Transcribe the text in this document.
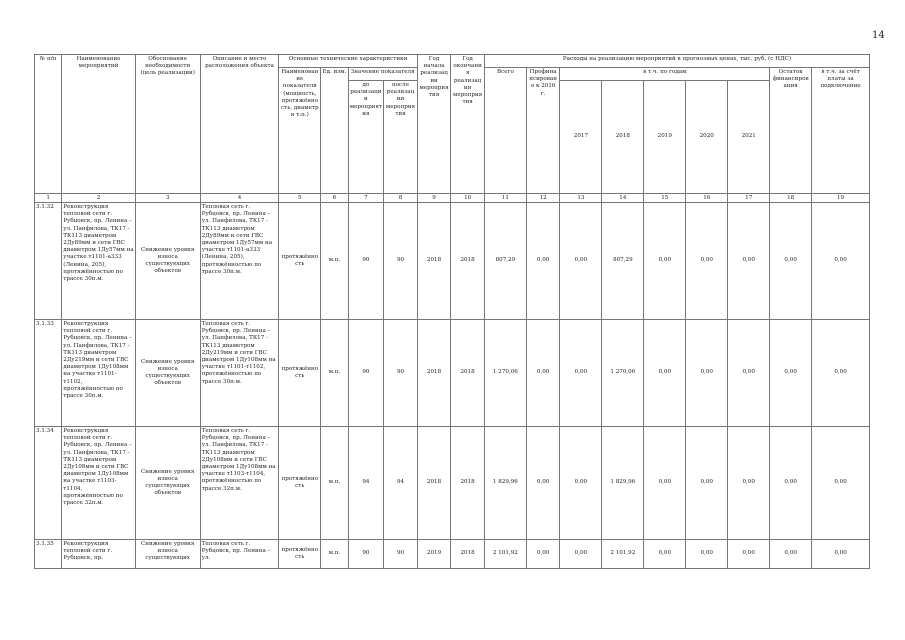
14
№ п/п	Наименование мероприятий	Обоснование необходимости (цель реализации)	Описание и место расположения объекта	Основные технические характеристики				Год начала реализации мероприятия	Год окончания реализации мероприятия	Расходы на реализацию мероприятий в прогнозных ценах, тыс. руб. (с НДС)								
				Наименование показателя (мощность, протяжённость, диаметр и т.п.)	Ед. изм.	Значение показателя				Всего	Профинансировано к 2016 г.	в т.ч. по годам					Остаток финансирования	в т.ч. за счёт платы за подключение
						до реализации мероприятия	после реализации мероприятия					2017	2018	2019	2020	2021		
1	2	3	4	5	6	7	8	9	10	11	12	13	14	15	16	17	18	19
3.1.32	Реконструкция тепловой сети г. Рубцовск, пр. Ленина – ул. Панфилова, ТК17 - ТК113 диаметром 2Ду89мм и сети ГВС диаметром 1Ду57мм на участке т1101-а333 (Ленина, 205), протяжённостью по трассе 30п.м.	Снижение уровня износа существующих объектов	Тепловая сеть г. Рубцовск, пр. Ленина – ул. Панфилова, ТК17 - ТК113 диаметром 2Ду89мм и сети ГВС диаметром 1Ду57мм на участке т1101-а333 (Ленина, 205), протяжённостью по трассе 30п.м.	протяжённость	м.п.	90	90	2018	2018	807,29	0,00	0,00	807,29	0,00	0,00	0,00	0,00	0,00
3.1.33	Реконструкция тепловой сети г. Рубцовск, пр. Ленина – ул. Панфилова, ТК17 - ТК113 диаметром 2Ду219мм и сети ГВС диаметром 1Ду108мм на участке т1101-т1102, протяжённостью по трассе 30п.м.	Снижение уровня износа существующих объектов	Тепловая сеть г. Рубцовск, пр. Ленина – ул. Панфилова, ТК17 - ТК113 диаметром 2Ду219мм и сети ГВС диаметром 1Ду108мм на участке т1101-т1102, протяжённостью по трассе 30п.м.	протяжённость	м.п.	90	90	2018	2018	1 270,06	0,00	0,00	1 270,06	0,00	0,00	0,00	0,00	0,00
3.1.34	Реконструкция тепловой сети г. Рубцовск, пр. Ленина – ул. Панфилова, ТК17 - ТК113 диаметром 2Ду108мм и сети ГВС диаметром 1Ду108мм на участке т1103-т1104, протяжённостью по трассе 32п.м.	Снижение уровня износа существующих объектов	Тепловая сеть г. Рубцовск, пр. Ленина – ул. Панфилова, ТК17 - ТК113 диаметром 2Ду108мм и сети ГВС диаметром 1Ду108мм на участке т1103-т1104, протяжённостью по трассе 32п.м.	протяжённость	м.п.	94	94	2018	2018	1 829,96	0,00	0,00	1 829,96	0,00	0,00	0,00	0,00	0,00
3.1.35	Реконструкция тепловой сети г. Рубцовск, пр.	Снижение уровня износа существующих	Тепловая сеть г. Рубцовск, пр. Ленина – ул.	протяжённость	м.п.	90	90	2019	2018	2 101,92	0,00	0,00	2 101,92	0,00	0,00	0,00	0,00	0,00
